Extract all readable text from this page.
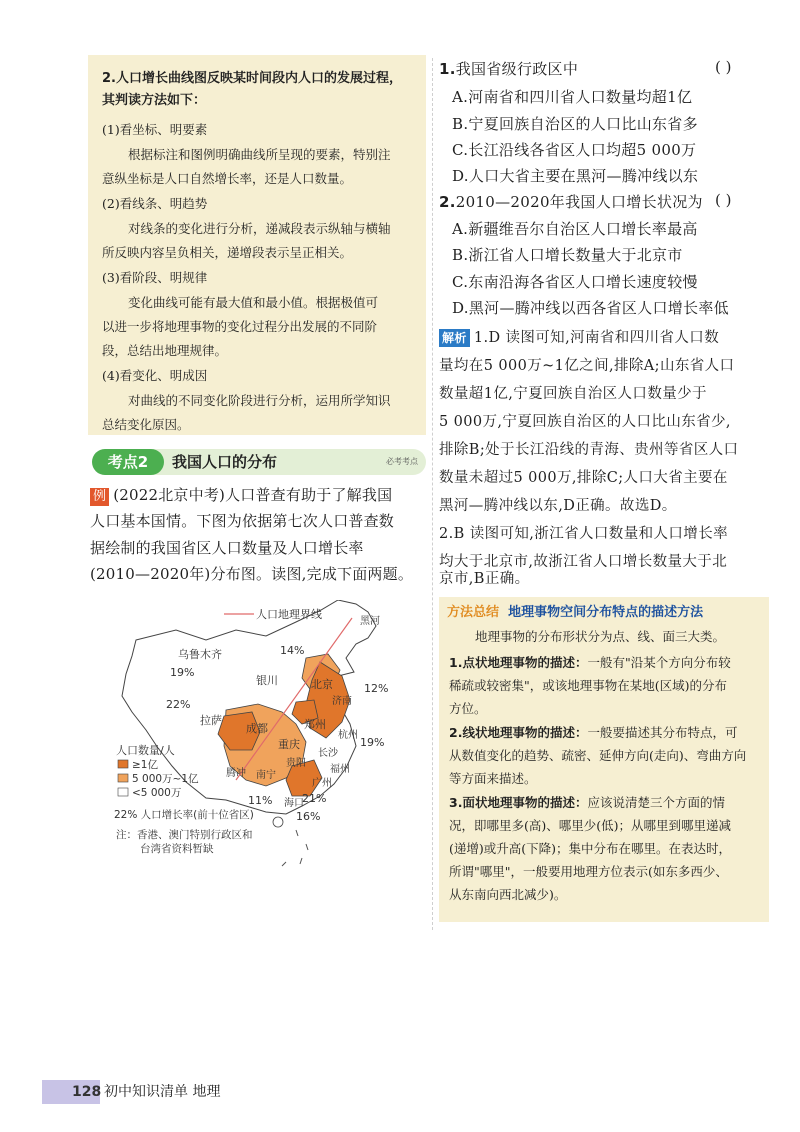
2.人口增长曲线图反映某时间段内人口的发展过程，
其判读方法如下：
(1)看坐标、明要素
根据标注和图例明确曲线所呈现的要素，特别注
意纵坐标是人口自然增长率，还是人口数量。
(2)看线条、明趋势
对线条的变化进行分析，递减段表示纵轴与横轴
所反映内容呈负相关，递增段表示呈正相关。
(3)看阶段、明规律
变化曲线可能有最大值和最小值。根据极值可
以进一步将地理事物的变化过程分出发展的不同阶
段，总结出地理规律。
(4)看变化、明成因
对曲线的不同变化阶段进行分析，运用所学知识
总结变化原因。
考点2	我国人口的分布	必考考点
例 (2022北京中考)人口普查有助于了解我国
人口基本国情。下图为依据第七次人口普查数
据绘制的我国省区人口数量及人口增长率
(2010—2020年)分布图。读图,完成下面两题。
人口地理界线
乌鲁木齐
银川	北京
济南
郑州
成都
重庆
贵阳
长沙
杭州
福州
广州
南宁
海口
拉萨
黑河
腾冲
14%
19%
22%
12%
19%
11%	21%
16%
人口数量/人
≥1亿
5 000万~1亿
<5 000万
22% 人口增长率(前十位省区)
注：香港、澳门特别行政区和
台湾省资料暂缺
1.我国省级行政区中	( )
A.河南省和四川省人口数量均超1亿
B.宁夏回族自治区的人口比山东省多
C.长江沿线各省区人口均超5 000万
D.人口大省主要在黑河—腾冲线以东
2.2010—2020年我国人口增长状况为 ( )
A.新疆维吾尔自治区人口增长率最高
B.浙江省人口增长数量大于北京市
C.东南沿海各省区人口增长速度较慢
D.黑河—腾冲线以西各省区人口增长率低
解析 1.D 读图可知,河南省和四川省人口数
量均在5 000万~1亿之间,排除A;山东省人口
数量超1亿,宁夏回族自治区人口数量少于
5 000万,宁夏回族自治区的人口比山东省少,
排除B;处于长江沿线的青海、贵州等省区人口
数量未超过5 000万,排除C;人口大省主要在
黑河—腾冲线以东,D正确。故选D。
2.B 读图可知,浙江省人口数量和人口增长率
均大于北京市,故浙江省人口增长数量大于北
方法总结 地理事物空间分布特点的描述方法
地理事物的分布形状分为点、线、面三大类。
1.点状地理事物的描述：一般有"沿某个方向分布较
稀疏或较密集"，或该地理事物在某地(区域)的分布
方位。
2.线状地理事物的描述：一般要描述其分布特点，可
从数值变化的趋势、疏密、延伸方向(走向)、弯曲方向
等方面来描述。
3.面状地理事物的描述：应该说清楚三个方面的情
况，即哪里多(高)、哪里少(低)；从哪里到哪里递减
(递增)或升高(下降)；集中分布在哪里。在表达时，
所谓"哪里"，一般要用地理方位表示(如东多西少、
从东南向西北减少)。
128 初中知识清单 地理
京市,B正确。
